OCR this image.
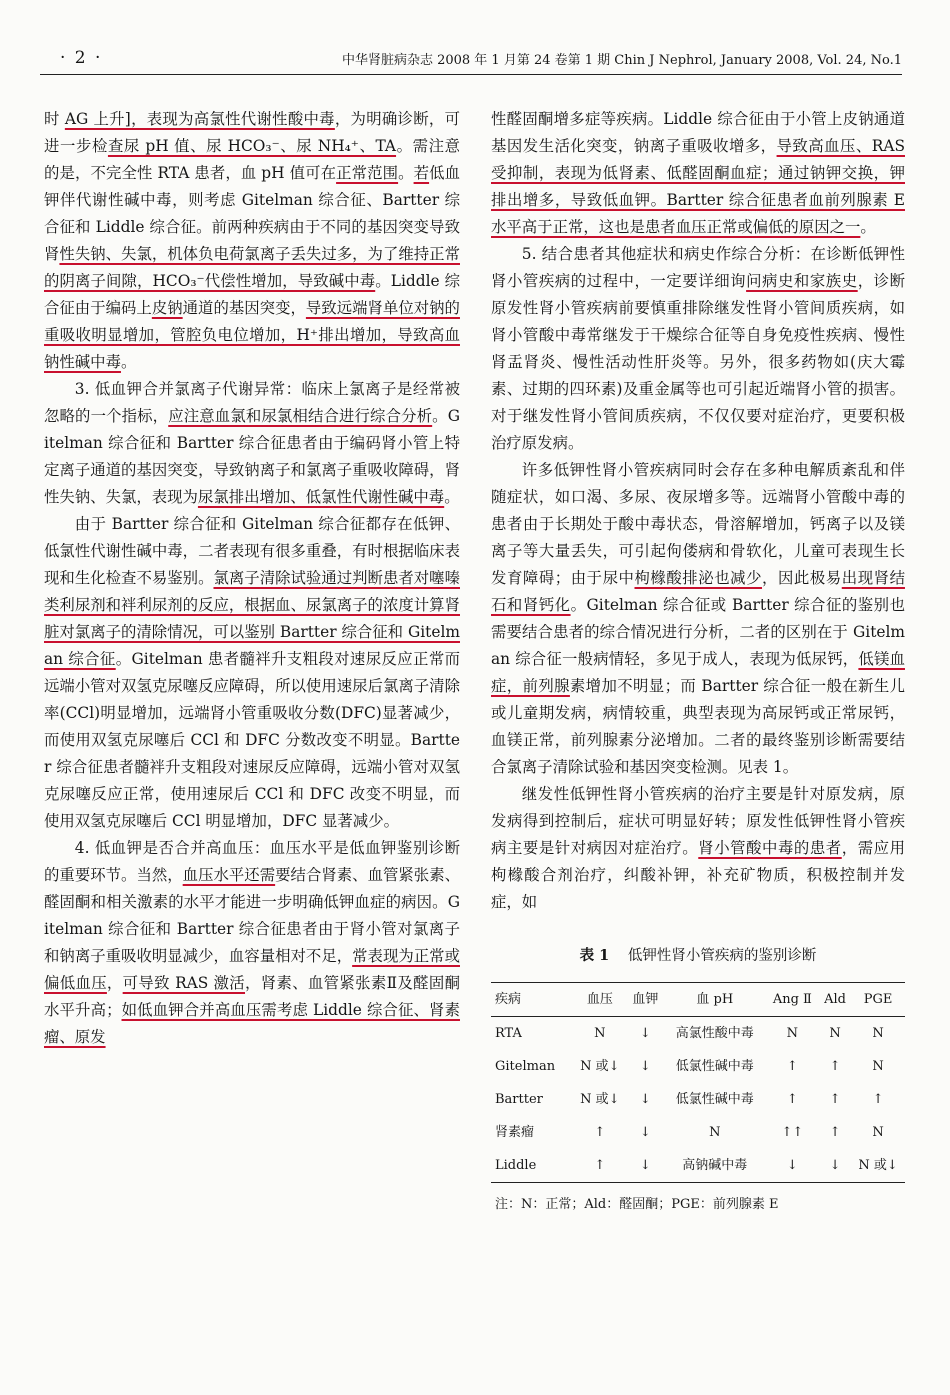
· 2 ·	中华肾脏病杂志 2008 年 1 月第 24 卷第 1 期 Chin J Nephrol, January 2008, Vol. 24, No.1

时 AG 上升]，表现为高氯性代谢性酸中毒，为明确诊断，可进一步检查尿 pH 值、尿 HCO₃⁻、尿 NH₄⁺、TA。需注意的是，不完全性 RTA 患者，血 pH 值可在正常范围。若低血钾伴代谢性碱中毒，则考虑 Gitelman 综合征、Bartter 综合征和 Liddle 综合征。前两种疾病由于不同的基因突变导致肾性失钠、失氯，机体负电荷氯离子丢失过多，为了维持正常的阴离子间隙，HCO₃⁻代偿性增加，导致碱中毒。Liddle 综合征由于编码上皮钠通道的基因突变，导致远端肾单位对钠的重吸收明显增加，管腔负电位增加，H⁺排出增加，导致高血钠性碱中毒。

3. 低血钾合并氯离子代谢异常：临床上氯离子是经常被忽略的一个指标，应注意血氯和尿氯相结合进行综合分析。Gitelman 综合征和 Bartter 综合征患者由于编码肾小管上特定离子通道的基因突变，导致钠离子和氯离子重吸收障碍，肾性失钠、失氯，表现为尿氯排出增加、低氯性代谢性碱中毒。

由于 Bartter 综合征和 Gitelman 综合征都存在低钾、低氯性代谢性碱中毒，二者表现有很多重叠，有时根据临床表现和生化检查不易鉴别。氯离子清除试验通过判断患者对噻嗪类利尿剂和袢利尿剂的反应，根据血、尿氯离子的浓度计算肾脏对氯离子的清除情况，可以鉴别 Bartter 综合征和 Gitelman 综合征。Gitelman 患者髓袢升支粗段对速尿反应正常而远端小管对双氢克尿噻反应障碍，所以使用速尿后氯离子清除率(CCl)明显增加，远端肾小管重吸收分数(DFC)显著减少，而使用双氢克尿噻后 CCl 和 DFC 分数改变不明显。Bartter 综合征患者髓袢升支粗段对速尿反应障碍，远端小管对双氢克尿噻反应正常，使用速尿后 CCl 和 DFC 改变不明显，而使用双氢克尿噻后 CCl 明显增加，DFC 显著减少。

4. 低血钾是否合并高血压：血压水平是低血钾鉴别诊断的重要环节。当然，血压水平还需要结合肾素、血管紧张素、醛固酮和相关激素的水平才能进一步明确低钾血症的病因。Gitelman 综合征和 Bartter 综合征患者由于肾小管对氯离子和钠离子重吸收明显减少，血容量相对不足，常表现为正常或偏低血压，可导致 RAS 激活，肾素、血管紧张素Ⅱ及醛固酮水平升高；如低血钾合并高血压需考虑 Liddle 综合征、肾素瘤、原发

性醛固酮增多症等疾病。Liddle 综合征由于小管上皮钠通道基因发生活化突变，钠离子重吸收增多，导致高血压、RAS 受抑制，表现为低肾素、低醛固酮血症；通过钠钾交换，钾排出增多，导致低血钾。Bartter 综合征患者血前列腺素 E 水平高于正常，这也是患者血压正常或偏低的原因之一。

5. 结合患者其他症状和病史作综合分析：在诊断低钾性肾小管疾病的过程中，一定要详细询问病史和家族史，诊断原发性肾小管疾病前要慎重排除继发性肾小管间质疾病，如肾小管酸中毒常继发于干燥综合征等自身免疫性疾病、慢性肾盂肾炎、慢性活动性肝炎等。另外，很多药物如(庆大霉素、过期的四环素)及重金属等也可引起近端肾小管的损害。对于继发性肾小管间质疾病，不仅仅要对症治疗，更要积极治疗原发病。

许多低钾性肾小管疾病同时会存在多种电解质紊乱和伴随症状，如口渴、多尿、夜尿增多等。远端肾小管酸中毒的患者由于长期处于酸中毒状态，骨溶解增加，钙离子以及镁离子等大量丢失，可引起佝偻病和骨软化，儿童可表现生长发育障碍；由于尿中枸橼酸排泌也减少，因此极易出现肾结石和肾钙化。Gitelman 综合征或 Bartter 综合征的鉴别也需要结合患者的综合情况进行分析，二者的区别在于 Gitelman 综合征一般病情轻，多见于成人，表现为低尿钙，低镁血症，前列腺素增加不明显；而 Bartter 综合征一般在新生儿或儿童期发病，病情较重，典型表现为高尿钙或正常尿钙，血镁正常，前列腺素分泌增加。二者的最终鉴别诊断需要结合氯离子清除试验和基因突变检测。见表 1。

继发性低钾性肾小管疾病的治疗主要是针对原发病，原发病得到控制后，症状可明显好转；原发性低钾性肾小管疾病主要是针对病因对症治疗。肾小管酸中毒的患者，需应用枸橼酸合剂治疗，纠酸补钾，补充矿物质，积极控制并发症，如

表 1 低钾性肾小管疾病的鉴别诊断
疾病	血压	血钾	血 pH	Ang Ⅱ	Ald	PGE
RTA	N	↓	高氯性酸中毒	N	N	N
Gitelman	N 或↓	↓	低氯性碱中毒	↑	↑	N
Bartter	N 或↓	↓	低氯性碱中毒	↑	↑	↑
肾素瘤	↑	↓	N	↑↑	↑	N
Liddle	↑	↓	高钠碱中毒	↓	↓	N 或↓
注：N：正常；Ald：醛固酮；PGE：前列腺素 E
